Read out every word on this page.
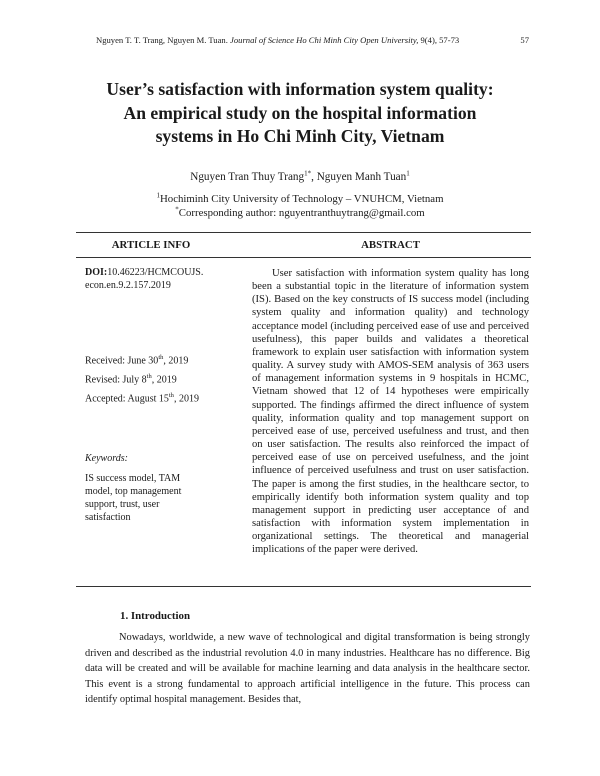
Nguyen T. T. Trang, Nguyen M. Tuan. Journal of Science Ho Chi Minh City Open University, 9(4), 57-73	57
User’s satisfaction with information system quality:
An empirical study on the hospital information
systems in Ho Chi Minh City, Vietnam
Nguyen Tran Thuy Trang$^{1*}$, Nguyen Manh Tuan$^1$
$^1$Hochiminh City University of Technology – VNUHCM, Vietnam
*Corresponding author: nguyentranthuytrang@gmail.com
ARTICLE INFO	ABSTRACT
DOI:10.46223/HCMCOUJS.
econ.en.9.2.157.2019
Received: June 30th, 2019
Revised: July 8th, 2019
Accepted: August 15th, 2019
Keywords:
IS success model, TAM
model, top management
support, trust, user
satisfaction

User satisfaction with information system quality has long been a substantial topic in the literature of information system (IS). Based on the key constructs of IS success model (including system quality and information quality) and technology acceptance model (including perceived ease of use and perceived usefulness), this paper builds and validates a theoretical framework to explain user satisfaction with information system quality. A survey study with AMOS-SEM analysis of 363 users of management information systems in 9 hospitals in HCMC, Vietnam showed that 12 of 14 hypotheses were empirically supported. The findings affirmed the direct influence of system quality, information quality and top management support on perceived ease of use, perceived usefulness and trust, and then on user satisfaction. The results also reinforced the impact of perceived ease of use on perceived usefulness, and the joint influence of perceived usefulness and trust on user satisfaction. The paper is among the first studies, in the healthcare sector, to empirically identify both information system quality and top management support in predicting user acceptance of and satisfaction with information system implementation in organizational settings. The theoretical and managerial implications of the paper were derived.

1. Introduction

Nowadays, worldwide, a new wave of technological and digital transformation is being strongly driven and described as the industrial revolution 4.0 in many industries. Healthcare has no difference. Big data will be created and will be available for machine learning and data analysis in the healthcare sector. This event is a strong fundamental to approach artificial intelligence in the future. This process can identify optimal hospital management. Besides that,
